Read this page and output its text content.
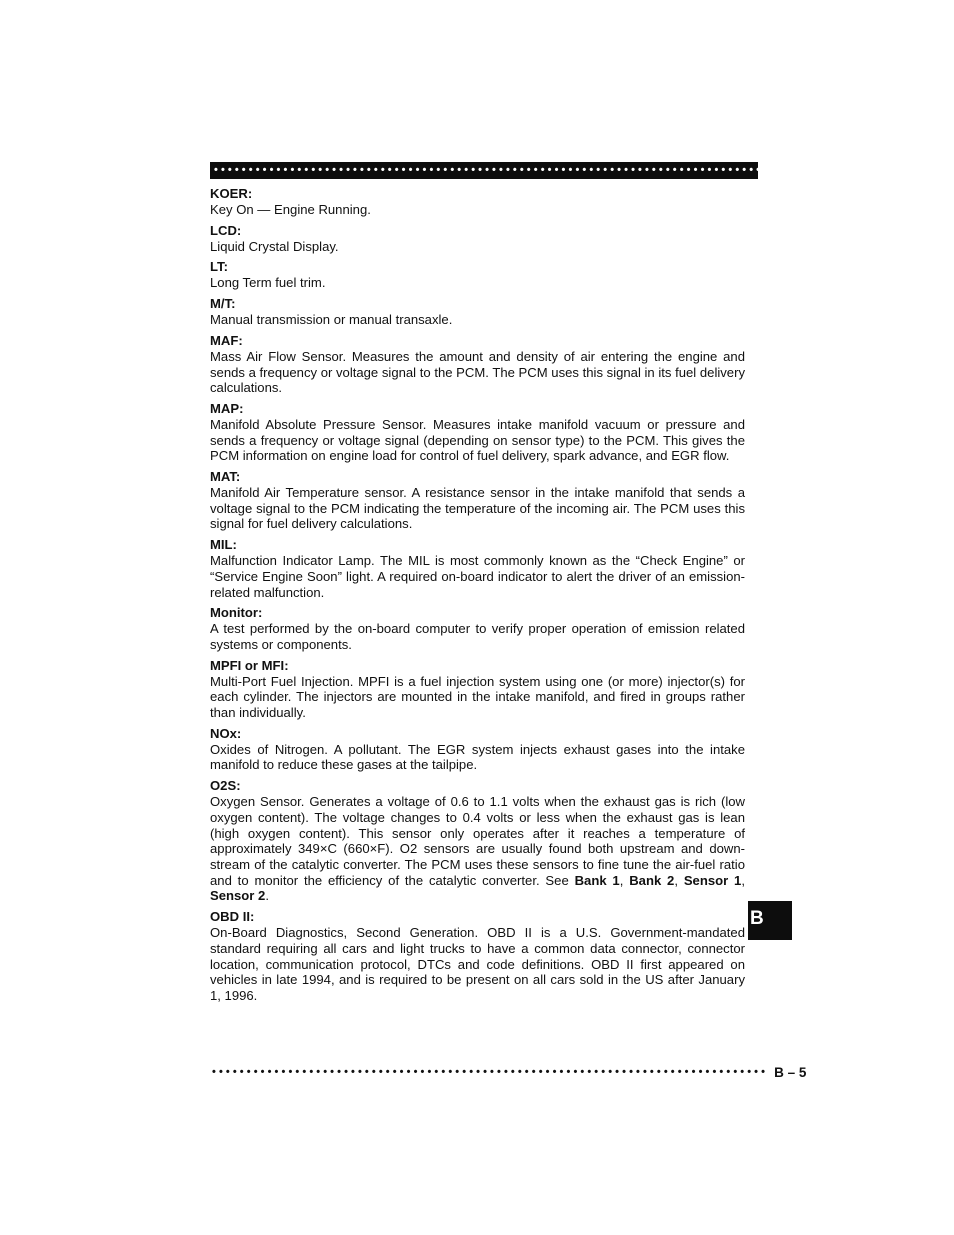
•••••••••••••••••••••••••••••••••••••••••••••••••••••••••••••••••••••••••••••••• Glossary
KOER:
Key On — Engine Running.
LCD:
Liquid Crystal Display.
LT:
Long Term fuel trim.
M/T:
Manual transmission or manual transaxle.
MAF:
Mass Air Flow Sensor. Measures the amount and density of air entering the engine and sends a frequency or voltage signal to the PCM. The PCM uses this signal in its fuel delivery calculations.
MAP:
Manifold Absolute Pressure Sensor. Measures intake manifold vacuum or pressure and sends a frequency or voltage signal (depending on sensor type) to the PCM. This gives the PCM information on engine load for control of fuel delivery, spark advance, and EGR flow.
MAT:
Manifold Air Temperature sensor. A resistance sensor in the intake manifold that sends a voltage signal to the PCM indicating the temperature of the incoming air. The PCM uses this signal for fuel delivery calculations.
MIL:
Malfunction Indicator Lamp. The MIL is most commonly known as the “Check Engine” or “Service Engine Soon” light. A required on-board indicator to alert the driver of an emission-related malfunction.
Monitor:
A test performed by the on-board computer to verify proper operation of emission related systems or components.
MPFI or MFI:
Multi-Port Fuel Injection. MPFI is a fuel injection system using one (or more) injector(s) for each cylinder. The injectors are mounted in the intake manifold, and fired in groups rather than individually.
NOx:
Oxides of Nitrogen. A pollutant. The EGR system injects exhaust gases into the intake manifold to reduce these gases at the tailpipe.
O2S:
Oxygen Sensor. Generates a voltage of 0.6 to 1.1 volts when the exhaust gas is rich (low oxygen content). The voltage changes to 0.4 volts or less when the exhaust gas is lean (high oxygen content). This sensor only operates after it reaches a temperature of approximately 349×C (660×F). O2 sensors are usually found both upstream and down-stream of the catalytic converter. The PCM uses these sensors to fine tune the air-fuel ratio and to monitor the efficiency of the catalytic converter. See Bank 1, Bank 2, Sensor 1, Sensor 2.
OBD II:
On-Board Diagnostics, Second Generation. OBD II is a U.S. Government-mandated standard requiring all cars and light trucks to have a common data connector, connector location, communication protocol, DTCs and code definitions. OBD II first appeared on vehicles in late 1994, and is required to be present on all cars sold in the US after January 1, 1996.
B
•••••••••••••••••••••••••••••••••••••••••••••••••••••••••••••••••••••••••••••••• B – 5
